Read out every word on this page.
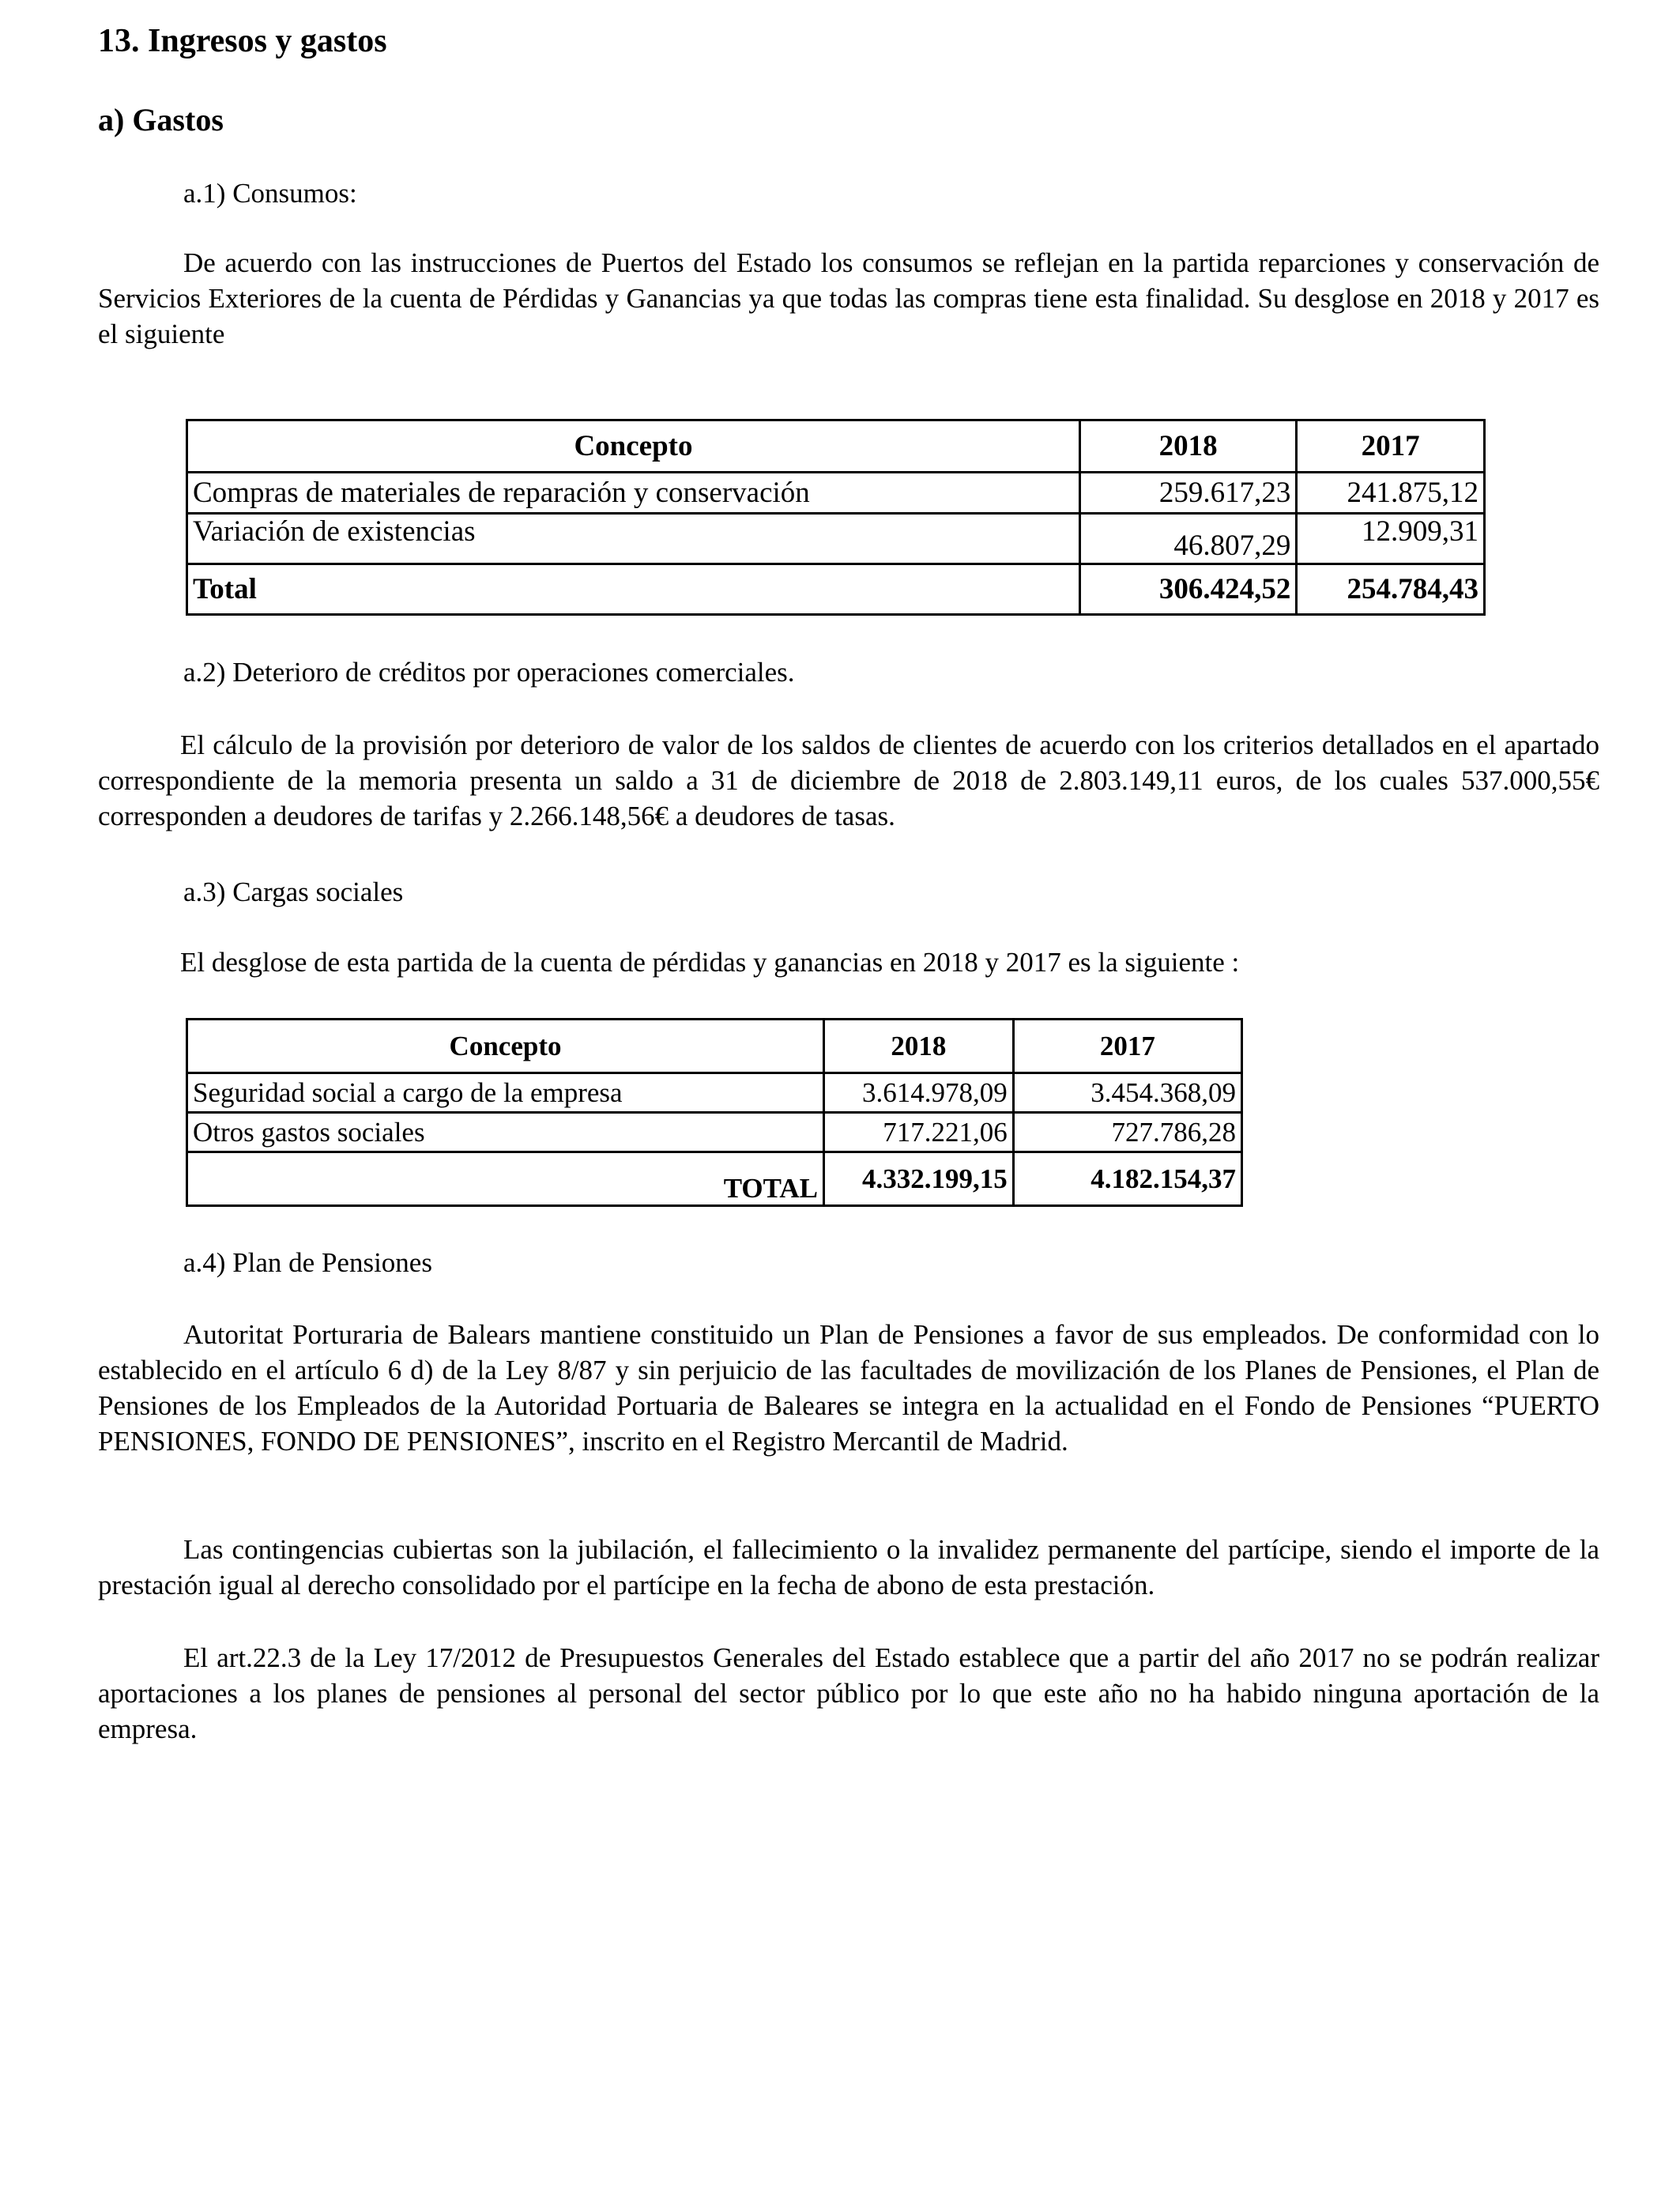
13. Ingresos y gastos
a) Gastos

a.1) Consumos:

De acuerdo con las instrucciones de Puertos del Estado los consumos se reflejan en la partida reparciones y conservación de Servicios Exteriores de la cuenta de Pérdidas y Ganancias ya que todas las compras tiene esta finalidad. Su desglose en 2018 y 2017 es el siguiente

Concepto	2018	2017
Compras de materiales de reparación y conservación	259.617,23	241.875,12
Variación de existencias	46.807,29	12.909,31
Total	306.424,52	254.784,43

a.2) Deterioro de créditos por operaciones comerciales.

El cálculo de la provisión por deterioro de valor de los saldos de clientes de acuerdo con los criterios detallados en el apartado correspondiente de la memoria presenta un saldo a 31 de diciembre de 2018 de 2.803.149,11 euros, de los cuales 537.000,55€ corresponden a deudores de tarifas y 2.266.148,56€ a deudores de tasas.

a.3) Cargas sociales

El desglose de esta partida de la cuenta de pérdidas y ganancias en 2018 y 2017 es la siguiente :

Concepto	2018	2017
Seguridad social a cargo de la empresa	3.614.978,09	3.454.368,09
Otros gastos sociales	717.221,06	727.786,28
TOTAL	4.332.199,15	4.182.154,37

a.4) Plan de Pensiones

Autoritat Porturaria de Balears mantiene constituido un Plan de Pensiones a favor de sus empleados. De conformidad con lo establecido en el artículo 6 d) de la Ley 8/87 y sin perjuicio de las facultades de movilización de los Planes de Pensiones, el Plan de Pensiones de los Empleados de la Autoridad Portuaria de Baleares se integra en la actualidad en el Fondo de Pensiones “PUERTO PENSIONES, FONDO DE PENSIONES”, inscrito en el Registro Mercantil de Madrid.

Las contingencias cubiertas son la jubilación, el fallecimiento o la invalidez permanente del partícipe, siendo el importe de la prestación igual al derecho consolidado por el partícipe en la fecha de abono de esta prestación.

El art.22.3 de la Ley 17/2012 de Presupuestos Generales del Estado establece que a partir del año 2017 no se podrán realizar aportaciones a los planes de pensiones al personal del sector público por lo que este año no ha habido ninguna aportación de la empresa.
